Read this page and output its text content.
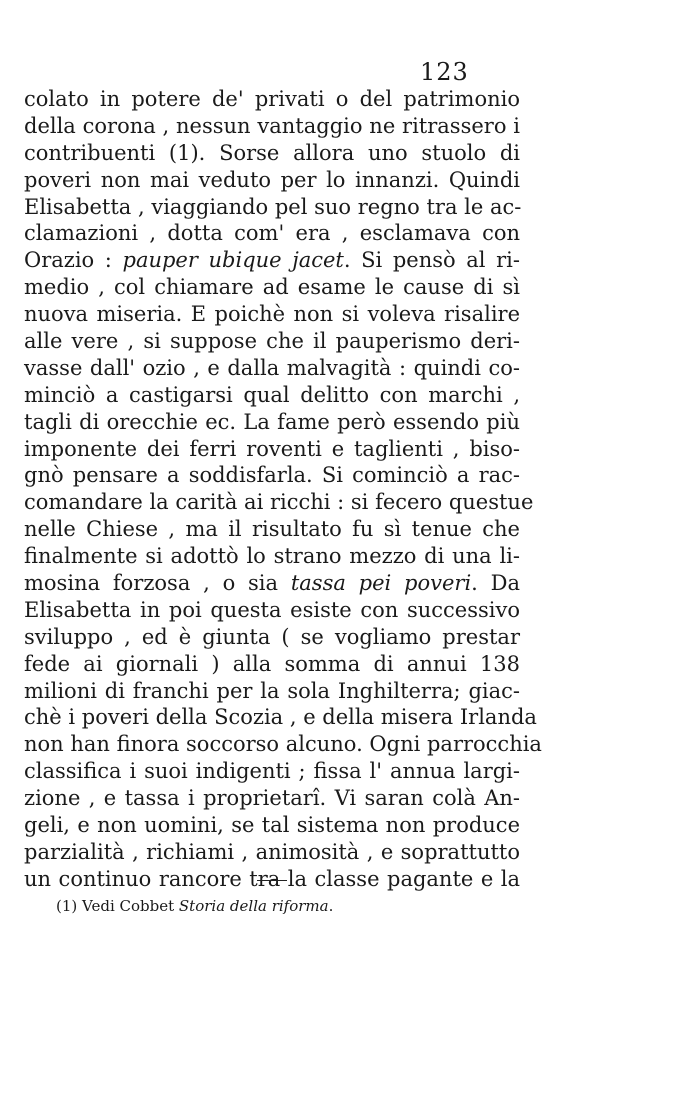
123
colato in potere de' privati o del patrimonio
della corona , nessun vantaggio ne ritrassero i
contribuenti (1). Sorse allora uno stuolo di
poveri non mai veduto per lo innanzi. Quindi
Elisabetta , viaggiando pel suo regno tra le ac-
clamazioni , dotta com' era , esclamava con
Orazio : pauper ubique jacet. Si pensò al ri-
medio , col chiamare ad esame le cause di sì
nuova miseria. E poichè non si voleva risalire
alle vere , si suppose che il pauperismo deri-
vasse dall' ozio , e dalla malvagità : quindi co-
minciò a castigarsi qual delitto con marchi ,
tagli di orecchie ec. La fame però essendo più
imponente dei ferri roventi e taglienti , biso-
gnò pensare a soddisfarla. Si cominciò a rac-
comandare la carità ai ricchi : si fecero questue
nelle Chiese , ma il risultato fu sì tenue che
finalmente si adottò lo strano mezzo di una li-
mosina forzosa , o sia tassa pei poveri. Da
Elisabetta in poi questa esiste con successivo
sviluppo , ed è giunta ( se vogliamo prestar
fede ai giornali ) alla somma di annui 138
milioni di franchi per la sola Inghilterra; giac-
chè i poveri della Scozia , e della misera Irlanda
non han finora soccorso alcuno. Ogni parrocchia
classifica i suoi indigenti ; fissa l' annua largi-
zione , e tassa i proprietarî. Vi saran colà An-
geli, e non uomini, se tal sistema non produce
parzialità , richiami , animosità , e soprattutto
un continuo rancore tra la classe pagante e la
(1) Vedi Cobbet Storia della riforma.
